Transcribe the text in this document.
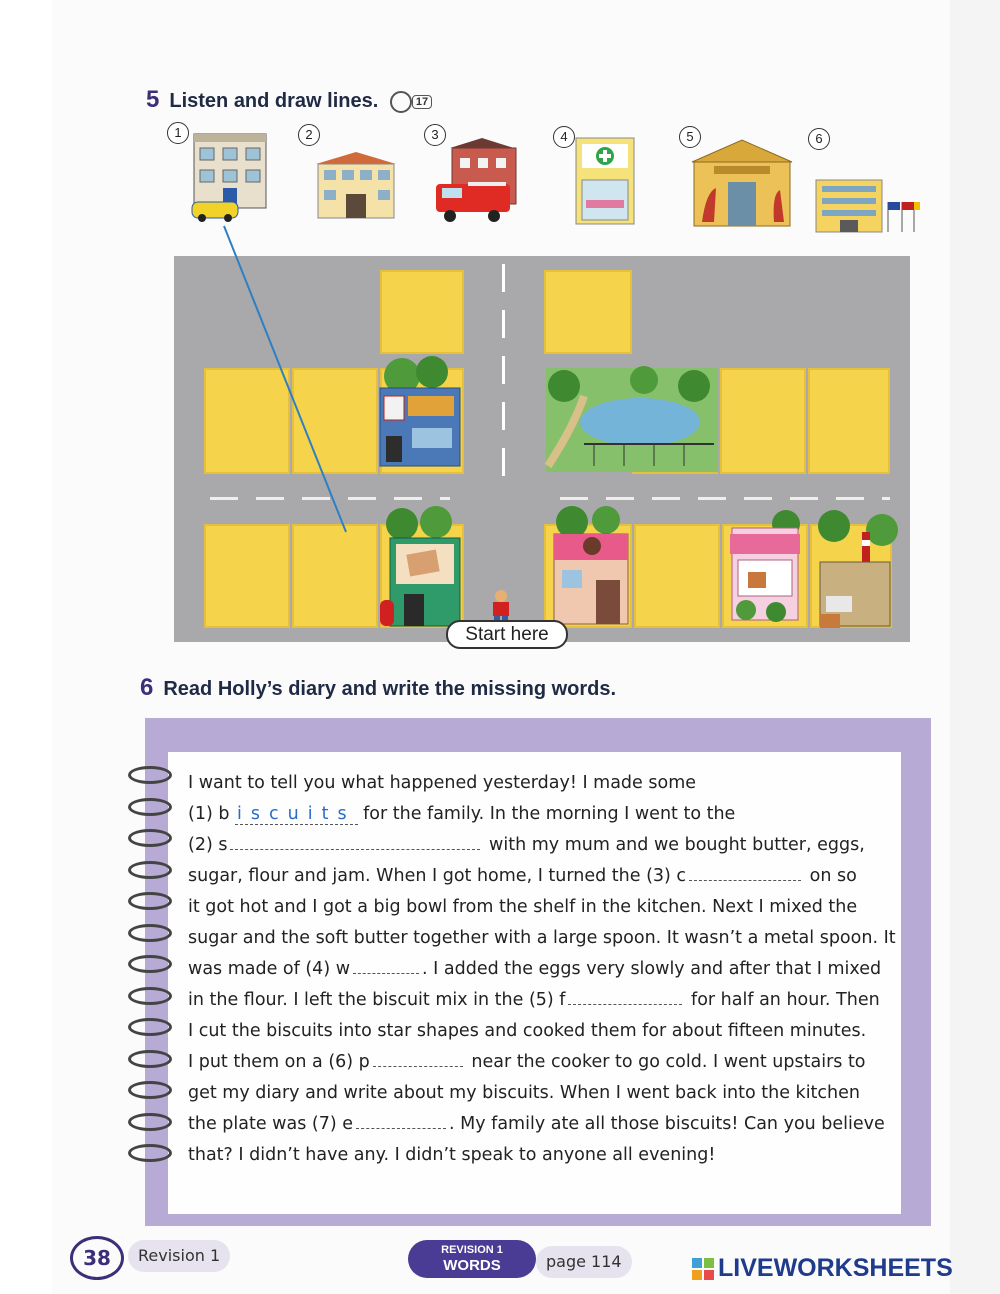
5 Listen and draw lines.	17
1	2	3	4	5	6
Start here
6 Read Holly’s diary and write the missing words.
I want to tell you what happened yesterday! I made some
(1) b iscuits for the family. In the morning I went to the
(2) s	with my mum and we bought butter, eggs,
sugar, flour and jam. When I got home, I turned the (3) c	on so
it got hot and I got a big bowl from the shelf in the kitchen. Next I mixed the
sugar and the soft butter together with a large spoon. It wasn’t a metal spoon. It
was made of (4) w	. I added the eggs very slowly and after that I mixed
in the flour. I left the biscuit mix in the (5) f	for half an hour. Then
I cut the biscuits into star shapes and cooked them for about fifteen minutes.
I put them on a (6) p	near the cooker to go cold. I went upstairs to
get my diary and write about my biscuits. When I went back into the kitchen
the plate was (7) e	. My family ate all those biscuits! Can you believe
that? I didn’t have any. I didn’t speak to anyone all evening!
38	Revision 1	REVISION 1
WORDS	page 114	LIVEWORKSHEETS
